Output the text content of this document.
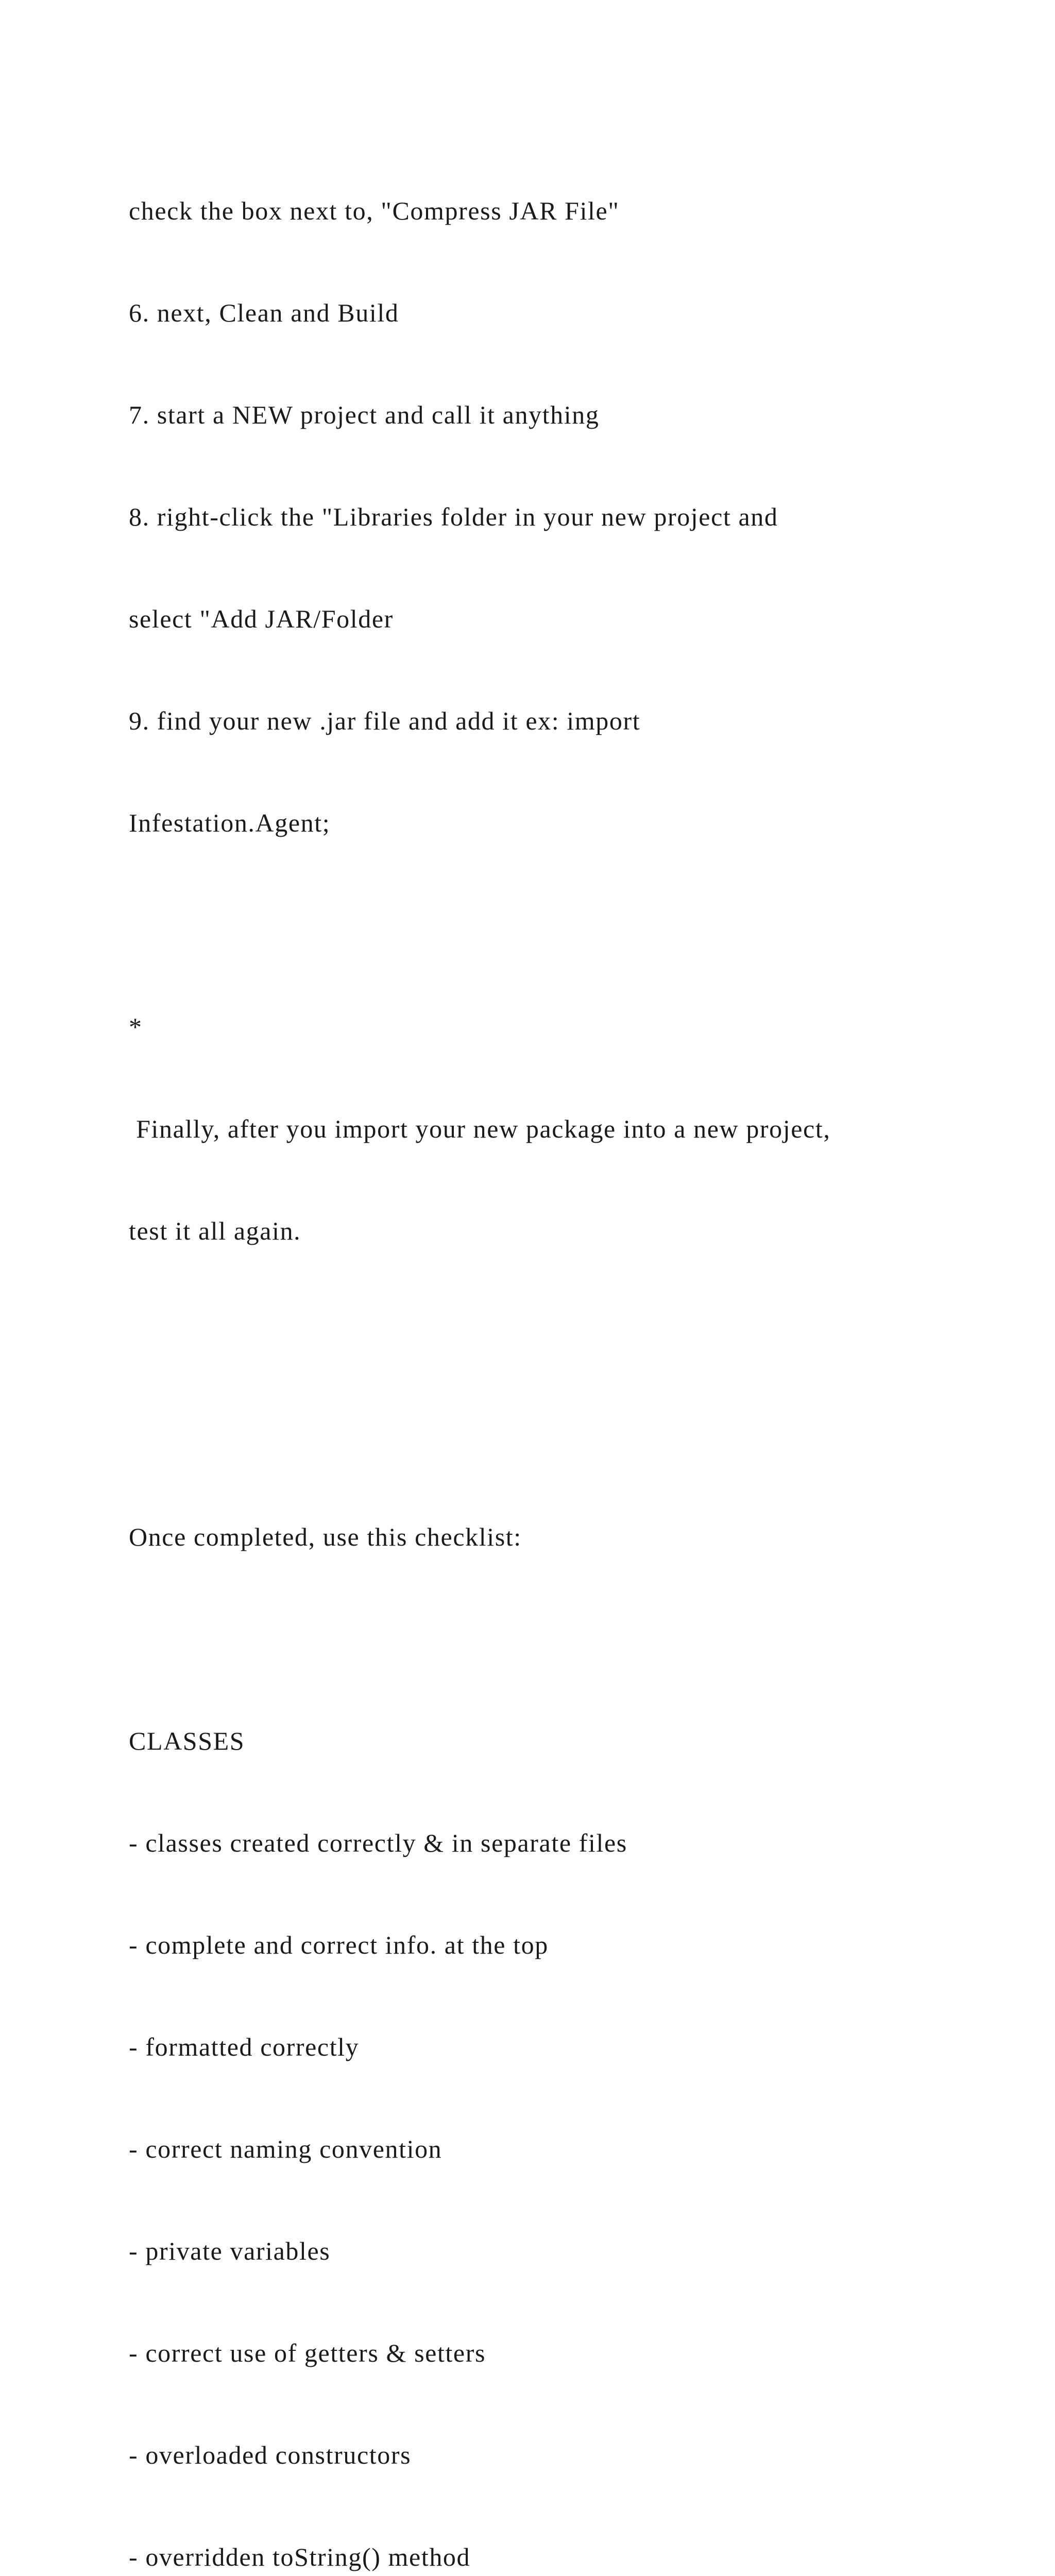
check the box next to, "Compress JAR File"

6. next, Clean and Build

7. start a NEW project and call it anything

8. right-click the "Libraries folder in your new project and

select "Add JAR/Folder

9. find your new .jar file and add it ex: import

Infestation.Agent;

*

Finally, after you import your new package into a new project,

test it all again.

Once completed, use this checklist:

CLASSES

- classes created correctly & in separate files

- complete and correct info. at the top

- formatted correctly

- correct naming convention

- private variables

- correct use of getters & setters

- overloaded constructors

- overridden toString() method
